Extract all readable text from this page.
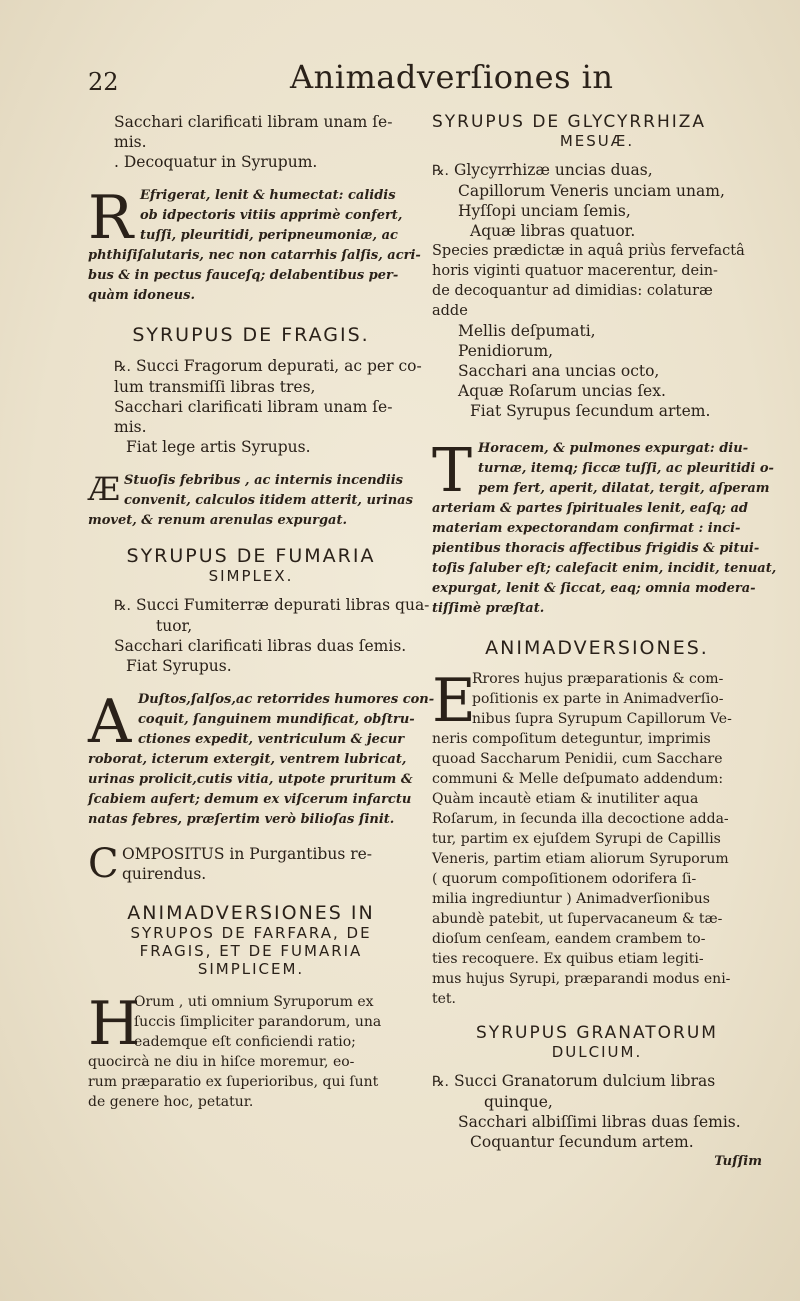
22	Animadverſiones in

Sacchari clarificati libram unam ſe-

mis.

. Decoquatur in Syrupum.

R Efrigerat, lenit & humectat: calidis

ob idpectoris vitiis apprimè confert,

tuſſi, pleuritidi, peripneumoniæ, ac

phthiſiſalutaris, nec non catarrhis ſalſis, acri-

bus & in pectus fauceſq; delabentibus per-

quàm idoneus.

SYRUPUS DE FRAGIS.

℞. Succi Fragorum depurati, ac per co-

lum transmiſſi libras tres,

Sacchari clarificati libram unam ſe-

mis.

Fiat lege artis Syrupus.

Æ Stuoſis febribus , ac internis incendiis

convenit, calculos itidem atterit, urinas

movet, & renum arenulas expurgat.

SYRUPUS DE FUMARIA
SIMPLEX.

℞. Succi Fumiterræ depurati libras qua-

tuor,

Sacchari clarificati libras duas ſemis.

Fiat Syrupus.

A Duſtos,ſalſos,ac retorrides humores con-

coquit, ſanguinem mundificat, obſtru-

ctiones expedit, ventriculum & jecur

roborat, icterum extergit, ventrem lubricat,

urinas prolicit,cutis vitia, utpote pruritum &

ſcabiem aufert; demum ex viſcerum infarctu

natas febres, præſertim verò bilioſas ſinit.

C OMPOSITUS in Purgantibus re-

quirendus.

ANIMADVERSIONES IN
SYRUPOS DE FARFARA, DE
FRAGIS, ET DE FUMARIA
SIMPLICEM.
H

Orum , uti omnium Syruporum ex

ſuccis ſimpliciter parandorum, una

eademque eſt conficiendi ratio;

quocircà ne diu in hiſce moremur, eo-

rum præparatio ex ſuperioribus, qui ſunt

de genere hoc, petatur.

SYRUPUS DE GLYCYRRHIZA
MESUÆ.

℞. Glycyrrhizæ uncias duas,

Capillorum Veneris unciam unam,

Hyſſopi unciam ſemis,

Aquæ libras quatuor.

Species prædictæ in aquâ priùs fervefactâ

horis viginti quatuor macerentur, dein-

de decoquantur ad dimidias: colaturæ

adde

Mellis deſpumati,

Penidiorum,

Sacchari ana uncias octo,

Aquæ Roſarum uncias ſex.

Fiat Syrupus ſecundum artem.

T Horacem, & pulmones expurgat: diu-

turnæ, itemq; ſiccæ tuſſi, ac pleuritidi o-

pem fert, aperit, dilatat, tergit, aſperam

arteriam & partes ſpirituales lenit, eaſq; ad

materiam expectorandam confirmat : inci-

pientibus thoracis affectibus frigidis & pitui-

toſis ſaluber eſt; calefacit enim, incidit, tenuat,

expurgat, lenit & ſiccat, eaq; omnia modera-

tiſſimè præſtat.

ANIMADVERSIONES.
E

Rrores hujus præparationis & com-

poſitionis ex parte in Animadverſio-

nibus ſupra Syrupum Capillorum Ve-

neris compoſitum deteguntur, imprimis

quoad Saccharum Penidii, cum Sacchare

communi & Melle deſpumato addendum:

Quàm incautè etiam & inutiliter aqua

Roſarum, in ſecunda illa decoctione adda-

tur, partim ex ejuſdem Syrupi de Capillis

Veneris, partim etiam aliorum Syruporum

( quorum compoſitionem odorifera ſi-

milia ingrediuntur ) Animadverſionibus

abundè patebit, ut ſupervacaneum & tæ-

dioſum cenſeam, eandem crambem to-

ties recoquere. Ex quibus etiam legiti-

mus hujus Syrupi, præparandi modus eni-

tet.

SYRUPUS GRANATORUM
DULCIUM.

℞. Succi Granatorum dulcium libras

quinque,

Sacchari albiſſimi libras duas ſemis.

Coquantur ſecundum artem.

Tuſſim
